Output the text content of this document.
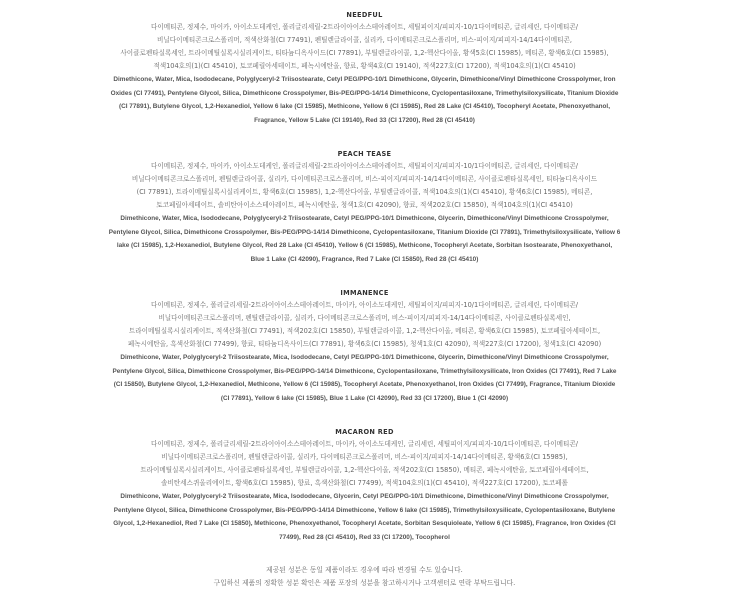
NEEDFUL
다이메티콘, 정제수, 마이카, 아이소도데케인, 폴리글리세릴-2트라이아이소스테아레이트, 세틸피이지/피피지-10/1다이메티콘, 글리세린, 다이메티콘/
비닐다이메티콘크로스폴리머, 적색산화철(CI 77491), 펜틸렌글라이콜, 실리카, 다이메티콘크로스폴리머, 비스-피이지/피피지-14/14다이메티콘,
사이클로펜타실록세인, 트라이메틸실록시실리케이트, 티타늄디옥사이드(CI 77891), 부틸렌글라이콜, 1,2-헥산다이올, 황색5호(CI 15985), 메티콘, 황색6호(CI 15985),
적색104호의(1)(CI 45410), 토코페릴아세테이트, 페녹시에탄올, 향료, 황색4호(CI 19140), 적색227호(CI 17200), 적색104호의(1)(CI 45410)
Dimethicone, Water, Mica, Isododecane, Polyglyceryl-2 Triisostearate, Cetyl PEG/PPG-10/1 Dimethicone, Glycerin, Dimethicone/Vinyl Dimethicone Crosspolymer, Iron
Oxides (CI 77491), Pentylene Glycol, Silica, Dimethicone Crosspolymer, Bis-PEG/PPG-14/14 Dimethicone, Cyclopentasiloxane, Trimethylsiloxysilicate, Titanium Dioxide
(CI 77891), Butylene Glycol, 1,2-Hexanediol, Yellow 6 lake (CI 15985), Methicone, Yellow 6 (CI 15985), Red 28 Lake (CI 45410), Tocopheryl Acetate, Phenoxyethanol,
Fragrance, Yellow 5 Lake (CI 19140), Red 33 (CI 17200), Red 28 (CI 45410)
PEACH TEASE
다이메티콘, 정제수, 마이카, 아이소도데케인, 폴리글리세릴-2트라이아이소스테아레이트, 세틸피이지/피피지-10/1다이메티콘, 글리세린, 다이메티콘/
비닐다이메티콘크로스폴리머, 펜틸렌글라이콜, 실리카, 다이메티콘크로스폴리머, 비스-피이지/피피지-14/14다이메티콘, 사이클로펜타실록세인, 티타늄디옥사이드
(CI 77891), 트라이메틸실록시실리케이트, 황색6호(CI 15985), 1,2-헥산다이올, 부틸렌글라이콜, 적색104호의(1)(CI 45410), 황색6호(CI 15985), 메티콘,
토코페릴아세테이트, 솔비탄아이소스테아레이트, 페녹시에탄올, 청색1호(CI 42090), 향료, 적색202호(CI 15850), 적색104호의(1)(CI 45410)
Dimethicone, Water, Mica, Isododecane, Polyglyceryl-2 Triisostearate, Cetyl PEG/PPG-10/1 Dimethicone, Glycerin, Dimethicone/Vinyl Dimethicone Crosspolymer,
Pentylene Glycol, Silica, Dimethicone Crosspolymer, Bis-PEG/PPG-14/14 Dimethicone, Cyclopentasiloxane, Titanium Dioxide (CI 77891), Trimethylsiloxysilicate, Yellow 6
lake (CI 15985), 1,2-Hexanediol, Butylene Glycol, Red 28 Lake (CI 45410), Yellow 6 (CI 15985), Methicone, Tocopheryl Acetate, Sorbitan Isostearate, Phenoxyethanol,
Blue 1 Lake (CI 42090), Fragrance, Red 7 Lake (CI 15850), Red 28 (CI 45410)
IMMANENCE
다이메티콘, 정제수, 폴리글리세릴-2트라이아이소스테아레이트, 마이카, 아이소도데케인, 세틸피이지/피피지-10/1다이메티콘, 글리세린, 다이메티콘/
비닐다이메티콘크로스폴리머, 펜틸렌글라이콜, 실리카, 다이메티콘크로스폴리머, 비스-피이지/피피지-14/14다이메티콘, 사이클로펜타실록세인,
트라이메틸실록시실리케이트, 적색산화철(CI 77491), 적색202호(CI 15850), 부틸렌글라이콜, 1,2-헥산다이올, 메티콘, 황색6호(CI 15985), 토코페릴아세테이트,
페녹시에탄올, 흑색산화철(CI 77499), 향료, 티타늄디옥사이드(CI 77891), 황색6호(CI 15985), 청색1호(CI 42090), 적색227호(CI 17200), 청색1호(CI 42090)
Dimethicone, Water, Polyglyceryl-2 Triisostearate, Mica, Isododecane, Cetyl PEG/PPG-10/1 Dimethicone, Glycerin, Dimethicone/Vinyl Dimethicone Crosspolymer,
Pentylene Glycol, Silica, Dimethicone Crosspolymer, Bis-PEG/PPG-14/14 Dimethicone, Cyclopentasiloxane, Trimethylsiloxysilicate, Iron Oxides (CI 77491), Red 7 Lake
(CI 15850), Butylene Glycol, 1,2-Hexanediol, Methicone, Yellow 6 (CI 15985), Tocopheryl Acetate, Phenoxyethanol, Iron Oxides (CI 77499), Fragrance, Titanium Dioxide
(CI 77891), Yellow 6 lake (CI 15985), Blue 1 Lake (CI 42090), Red 33 (CI 17200), Blue 1 (CI 42090)
MACARON RED
다이메티콘, 정제수, 폴리글리세릴-2트라이아이소스테아레이트, 마이카, 아이소도데케인, 글리세린, 세틸피이지/피피지-10/1다이메티콘, 다이메티콘/
비닐다이메티콘크로스폴리머, 펜틸렌글라이콜, 실리카, 다이메티콘크로스폴리머, 비스-피이지/피피지-14/14다이메티콘, 황색6호(CI 15985),
트라이메틸실록시실리케이트, 사이클로펜타실록세인, 부틸렌글라이콜, 1,2-헥산다이올, 적색202호(CI 15850), 메티콘, 페녹시에탄올, 토코페릴아세테이트,
솔비탄세스퀴올리에이트, 황색6호(CI 15985), 향료, 흑색산화철(CI 77499), 적색104호의(1)(CI 45410), 적색227호(CI 17200), 토코페롤
Dimethicone, Water, Polyglyceryl-2 Triisostearate, Mica, Isododecane, Glycerin, Cetyl PEG/PPG-10/1 Dimethicone, Dimethicone/Vinyl Dimethicone Crosspolymer,
Pentylene Glycol, Silica, Dimethicone Crosspolymer, Bis-PEG/PPG-14/14 Dimethicone, Yellow 6 lake (CI 15985), Trimethylsiloxysilicate, Cyclopentasiloxane, Butylene
Glycol, 1,2-Hexanediol, Red 7 Lake (CI 15850), Methicone, Phenoxyethanol, Tocopheryl Acetate, Sorbitan Sesquioleate, Yellow 6 (CI 15985), Fragrance, Iron Oxides (CI
77499), Red 28 (CI 45410), Red 33 (CI 17200), Tocopherol
제공된 성분은 동일 제품이라도 경우에 따라 변경될 수도 있습니다.
구입하신 제품의 정확한 성분 확인은 제품 포장의 성분을 참고하시거나 고객센터로 연락 부탁드립니다.
